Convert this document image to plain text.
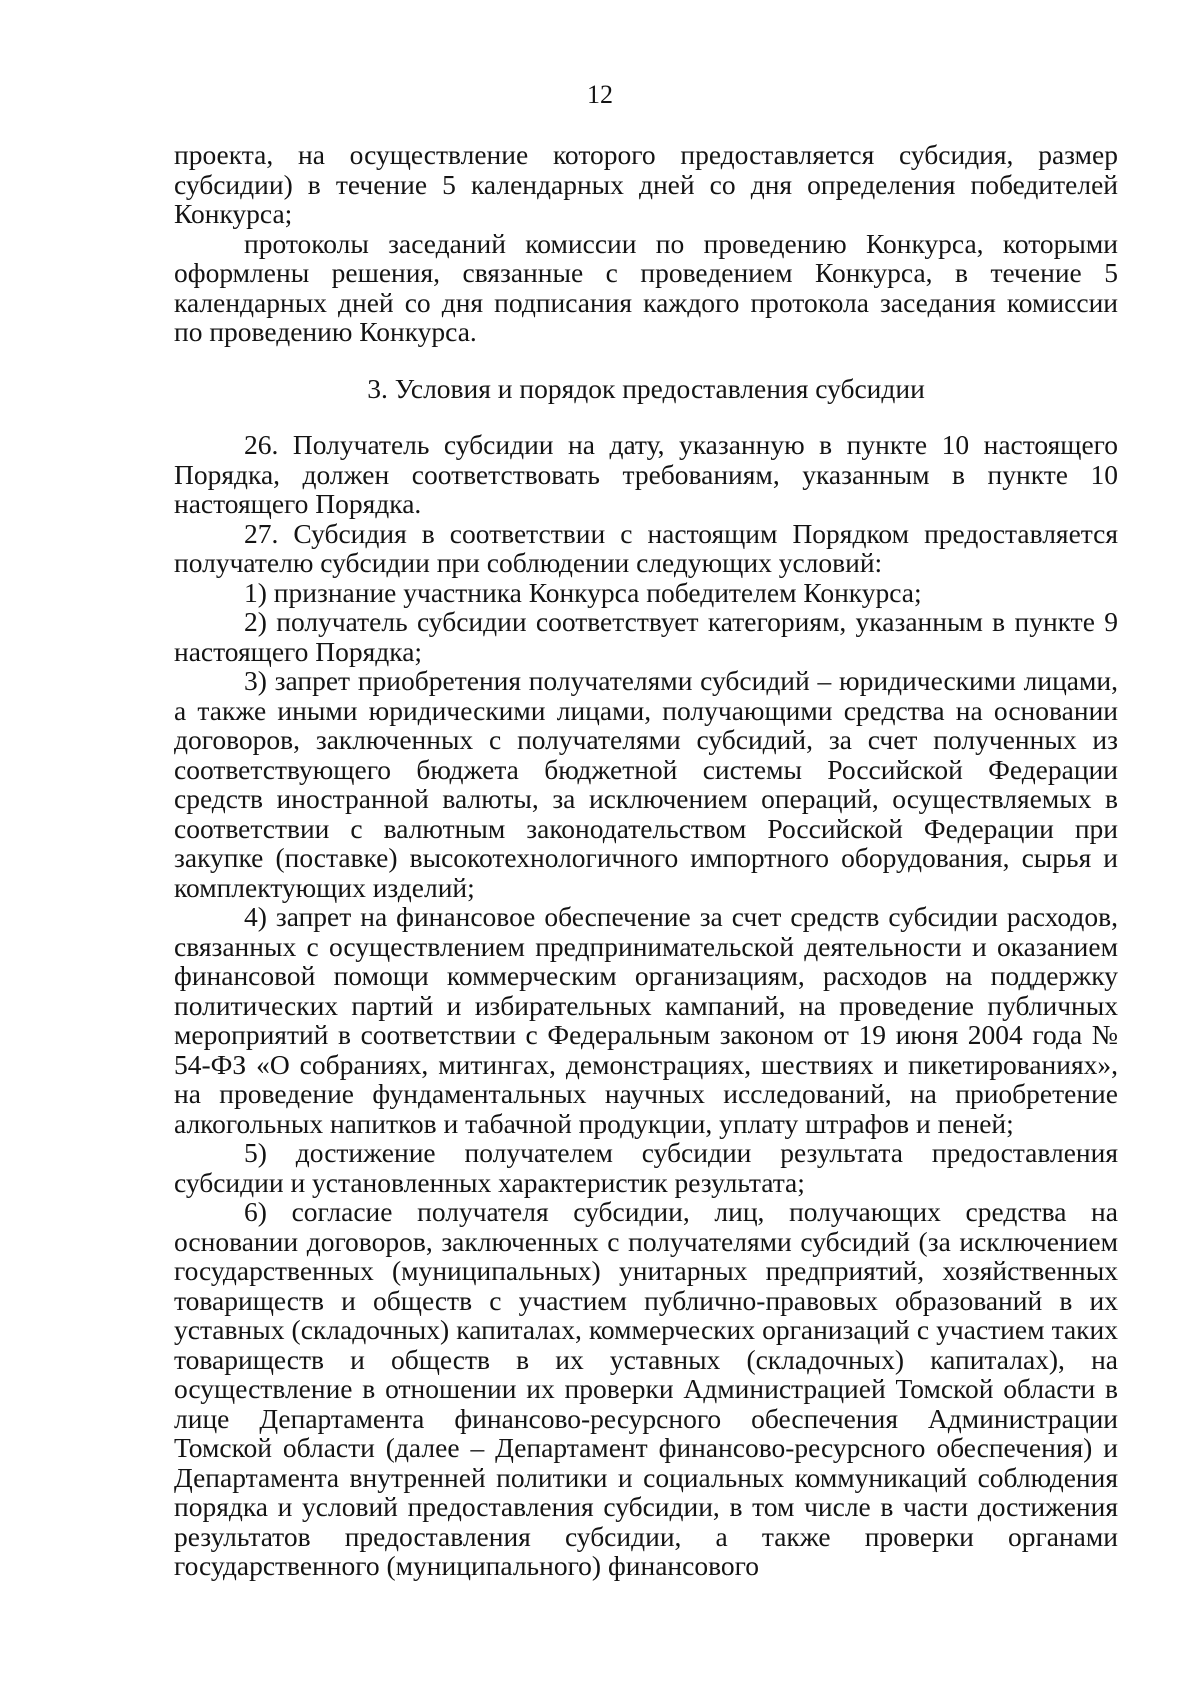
12

проекта, на осуществление которого предоставляется субсидия, размер субсидии) в течение 5 календарных дней со дня определения победителей Конкурса;

протоколы заседаний комиссии по проведению Конкурса, которыми оформлены решения, связанные с проведением Конкурса, в течение 5 календарных дней со дня подписания каждого протокола заседания комиссии по проведению Конкурса.

3. Условия и порядок предоставления субсидии

26. Получатель субсидии на дату, указанную в пункте 10 настоящего Порядка, должен соответствовать требованиям, указанным в пункте 10 настоящего Порядка.

27. Субсидия в соответствии с настоящим Порядком предоставляется получателю субсидии при соблюдении следующих условий:

1) признание участника Конкурса победителем Конкурса;

2) получатель субсидии соответствует категориям, указанным в пункте 9 настоящего Порядка;

3) запрет приобретения получателями субсидий – юридическими лицами, а также иными юридическими лицами, получающими средства на основании договоров, заключенных с получателями субсидий, за счет полученных из соответствующего бюджета бюджетной системы Российской Федерации средств иностранной валюты, за исключением операций, осуществляемых в соответствии с валютным законодательством Российской Федерации при закупке (поставке) высокотехнологичного импортного оборудования, сырья и комплектующих изделий;

4) запрет на финансовое обеспечение за счет средств субсидии расходов, связанных с осуществлением предпринимательской деятельности и оказанием финансовой помощи коммерческим организациям, расходов на поддержку политических партий и избирательных кампаний, на проведение публичных мероприятий в соответствии с Федеральным законом от 19 июня 2004 года № 54-ФЗ «О собраниях, митингах, демонстрациях, шествиях и пикетированиях», на проведение фундаментальных научных исследований, на приобретение алкогольных напитков и табачной продукции, уплату штрафов и пеней;

5) достижение получателем субсидии результата предоставления субсидии и установленных характеристик результата;

6) согласие получателя субсидии, лиц, получающих средства на основании договоров, заключенных с получателями субсидий (за исключением государственных (муниципальных) унитарных предприятий, хозяйственных товариществ и обществ с участием публично-правовых образований в их уставных (складочных) капиталах, коммерческих организаций с участием таких товариществ и обществ в их уставных (складочных) капиталах), на осуществление в отношении их проверки Администрацией Томской области в лице Департамента финансово-ресурсного обеспечения Администрации Томской области (далее – Департамент финансово-ресурсного обеспечения) и Департамента внутренней политики и социальных коммуникаций соблюдения порядка и условий предоставления субсидии, в том числе в части достижения результатов предоставления субсидии, а также проверки органами государственного (муниципального) финансового
